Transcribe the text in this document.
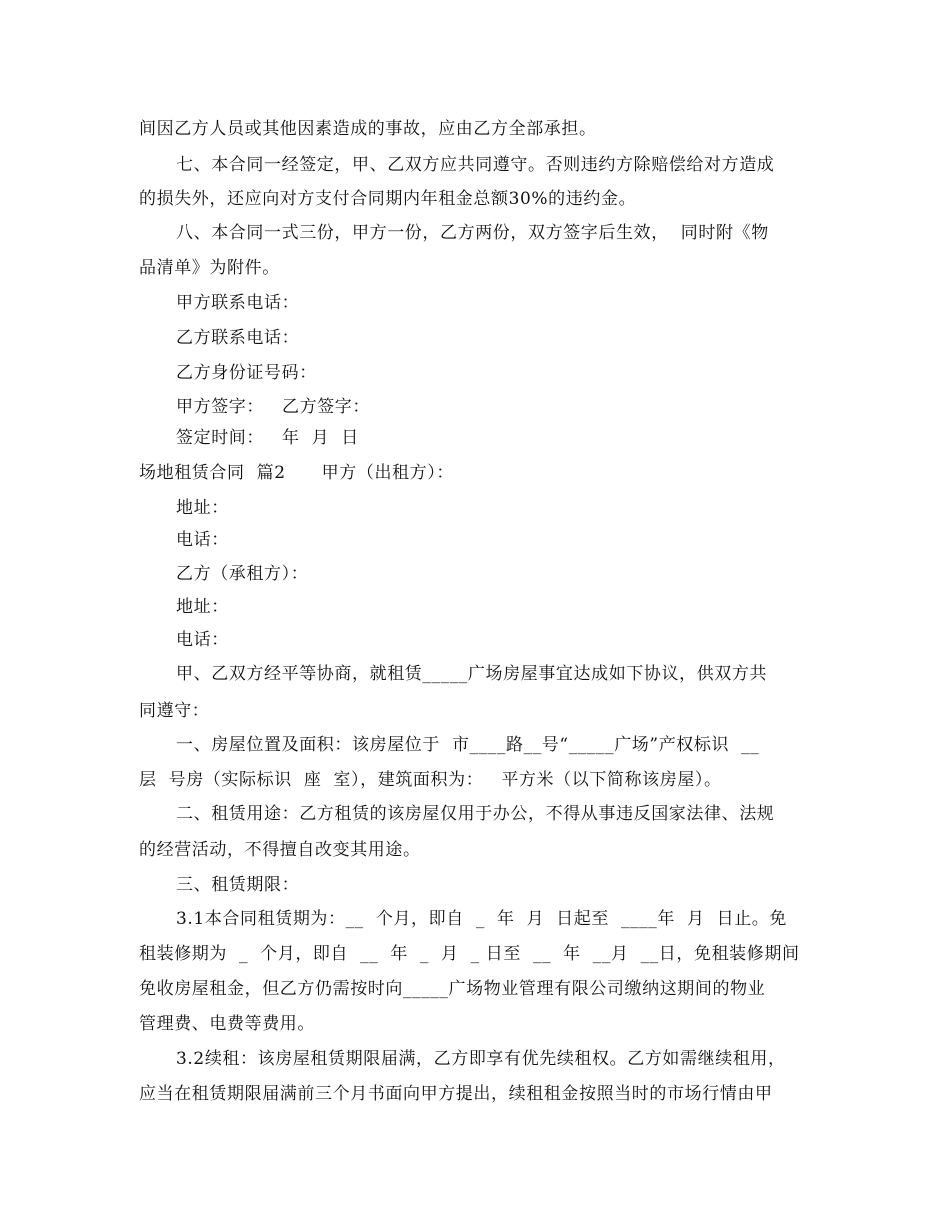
间因乙方人员或其他因素造成的事故，应由乙方全部承担。
七、本合同一经签定，甲、乙双方应共同遵守。否则违约方除赔偿给对方造成
的损失外，还应向对方支付合同期内年租金总额30%的违约金。
八、本合同一式三份，甲方一份，乙方两份，双方签字后生效，  同时附《物
品清单》为附件。
甲方联系电话：
乙方联系电话：
乙方身份证号码：
甲方签字：   乙方签字：
签定时间：   年  月  日
场地租赁合同  篇2      甲方（出租方）：
地址：
电话：
乙方（承租方）：
地址：
电话：
甲、乙双方经平等协商，就租赁_____广场房屋事宜达成如下协议，供双方共
同遵守：
一、房屋位置及面积：该房屋位于  市____路__号“_____广场”产权标识  __
层  号房（实际标识  座  室），建筑面积为：   平方米（以下简称该房屋）。
二、租赁用途：乙方租赁的该房屋仅用于办公，不得从事违反国家法律、法规
的经营活动，不得擅自改变其用途。
三、租赁期限：
3.1本合同租赁期为：__  个月，即自  _  年  月  日起至  ____年  月  日止。免
租装修期为  _  个月，即自  __  年  _  月  _ 日至  __  年  __月  __日，免租装修期间
免收房屋租金，但乙方仍需按时向_____广场物业管理有限公司缴纳这期间的物业
管理费、电费等费用。
3.2续租：该房屋租赁期限届满，乙方即享有优先续租权。乙方如需继续租用，
应当在租赁期限届满前三个月书面向甲方提出，续租租金按照当时的市场行情由甲
